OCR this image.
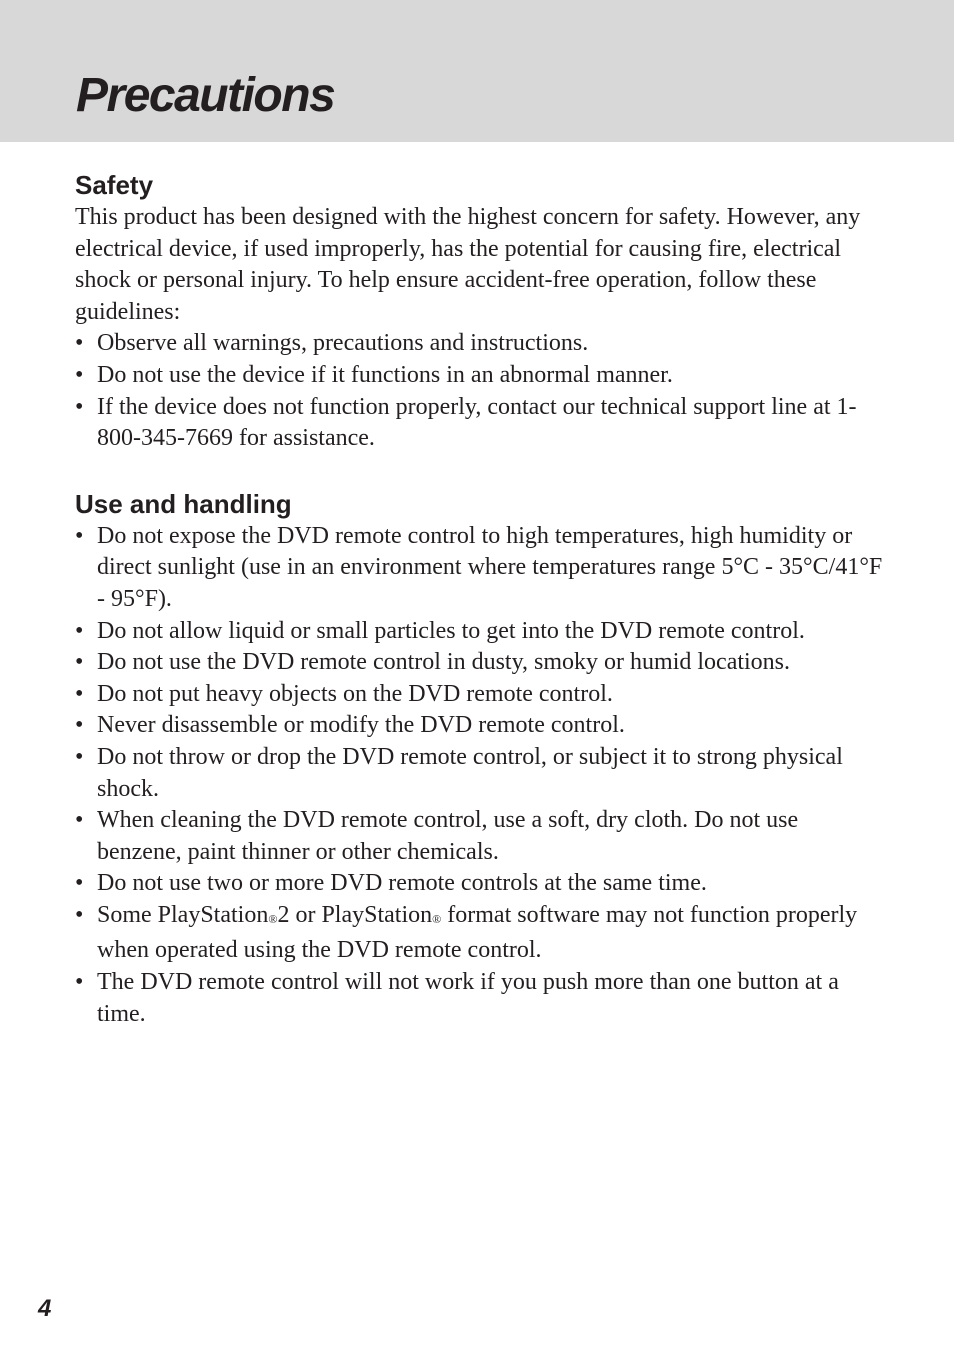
Precautions
Safety

This product has been designed with the highest concern for safety. However, any electrical device, if used improperly, has the potential for causing fire, electrical shock or personal injury. To help ensure accident-free operation, follow these guidelines:

• Observe all warnings, precautions and instructions.
• Do not use the device if it functions in an abnormal manner.
• If the device does not function properly, contact our technical support line at 1-800-345-7669 for assistance.
Use and handling
• Do not expose the DVD remote control to high temperatures, high humidity or direct sunlight (use in an environment where temperatures range 5°C - 35°C/41°F - 95°F).
• Do not allow liquid or small particles to get into the DVD remote control.
• Do not use the DVD remote control in dusty, smoky or humid locations.
• Do not put heavy objects on the DVD remote control.
• Never disassemble or modify the DVD remote control.
• Do not throw or drop the DVD remote control, or subject it to strong physical shock.
• When cleaning the DVD remote control, use a soft, dry cloth. Do not use benzene, paint thinner or other chemicals.
• Do not use two or more DVD remote controls at the same time.
• Some PlayStation®2 or PlayStation® format software may not function properly when operated using the DVD remote control.
• The DVD remote control will not work if you push more than one button at a time.
4
